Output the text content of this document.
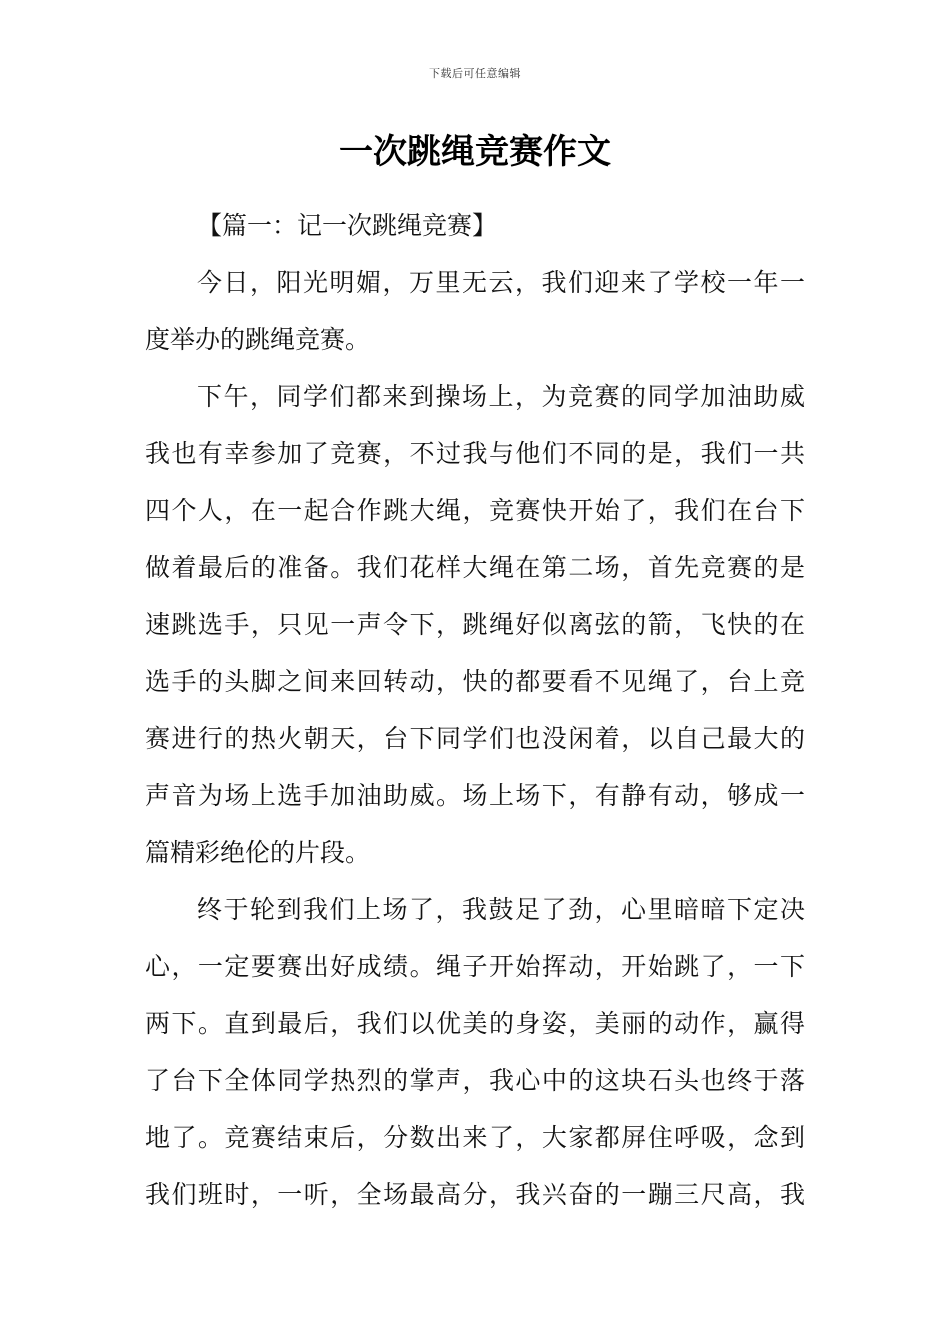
下载后可任意编辑
一次跳绳竞赛作文
【篇一：记一次跳绳竞赛】
今日，阳光明媚，万里无云，我们迎来了学校一年一
度举办的跳绳竞赛。
下午，同学们都来到操场上，为竞赛的同学加油助威
我也有幸参加了竞赛，不过我与他们不同的是，我们一共
四个人，在一起合作跳大绳，竞赛快开始了，我们在台下
做着最后的准备。我们花样大绳在第二场，首先竞赛的是
速跳选手，只见一声令下，跳绳好似离弦的箭，飞快的在
选手的头脚之间来回转动，快的都要看不见绳了，台上竞
赛进行的热火朝天，台下同学们也没闲着，以自己最大的
声音为场上选手加油助威。场上场下，有静有动，够成一
篇精彩绝伦的片段。
终于轮到我们上场了，我鼓足了劲，心里暗暗下定决
心，一定要赛出好成绩。绳子开始挥动，开始跳了，一下
两下。直到最后，我们以优美的身姿，美丽的动作，赢得
了台下全体同学热烈的掌声，我心中的这块石头也终于落
地了。竞赛结束后，分数出来了，大家都屏住呼吸，念到
我们班时，一听，全场最高分，我兴奋的一蹦三尺高，我
